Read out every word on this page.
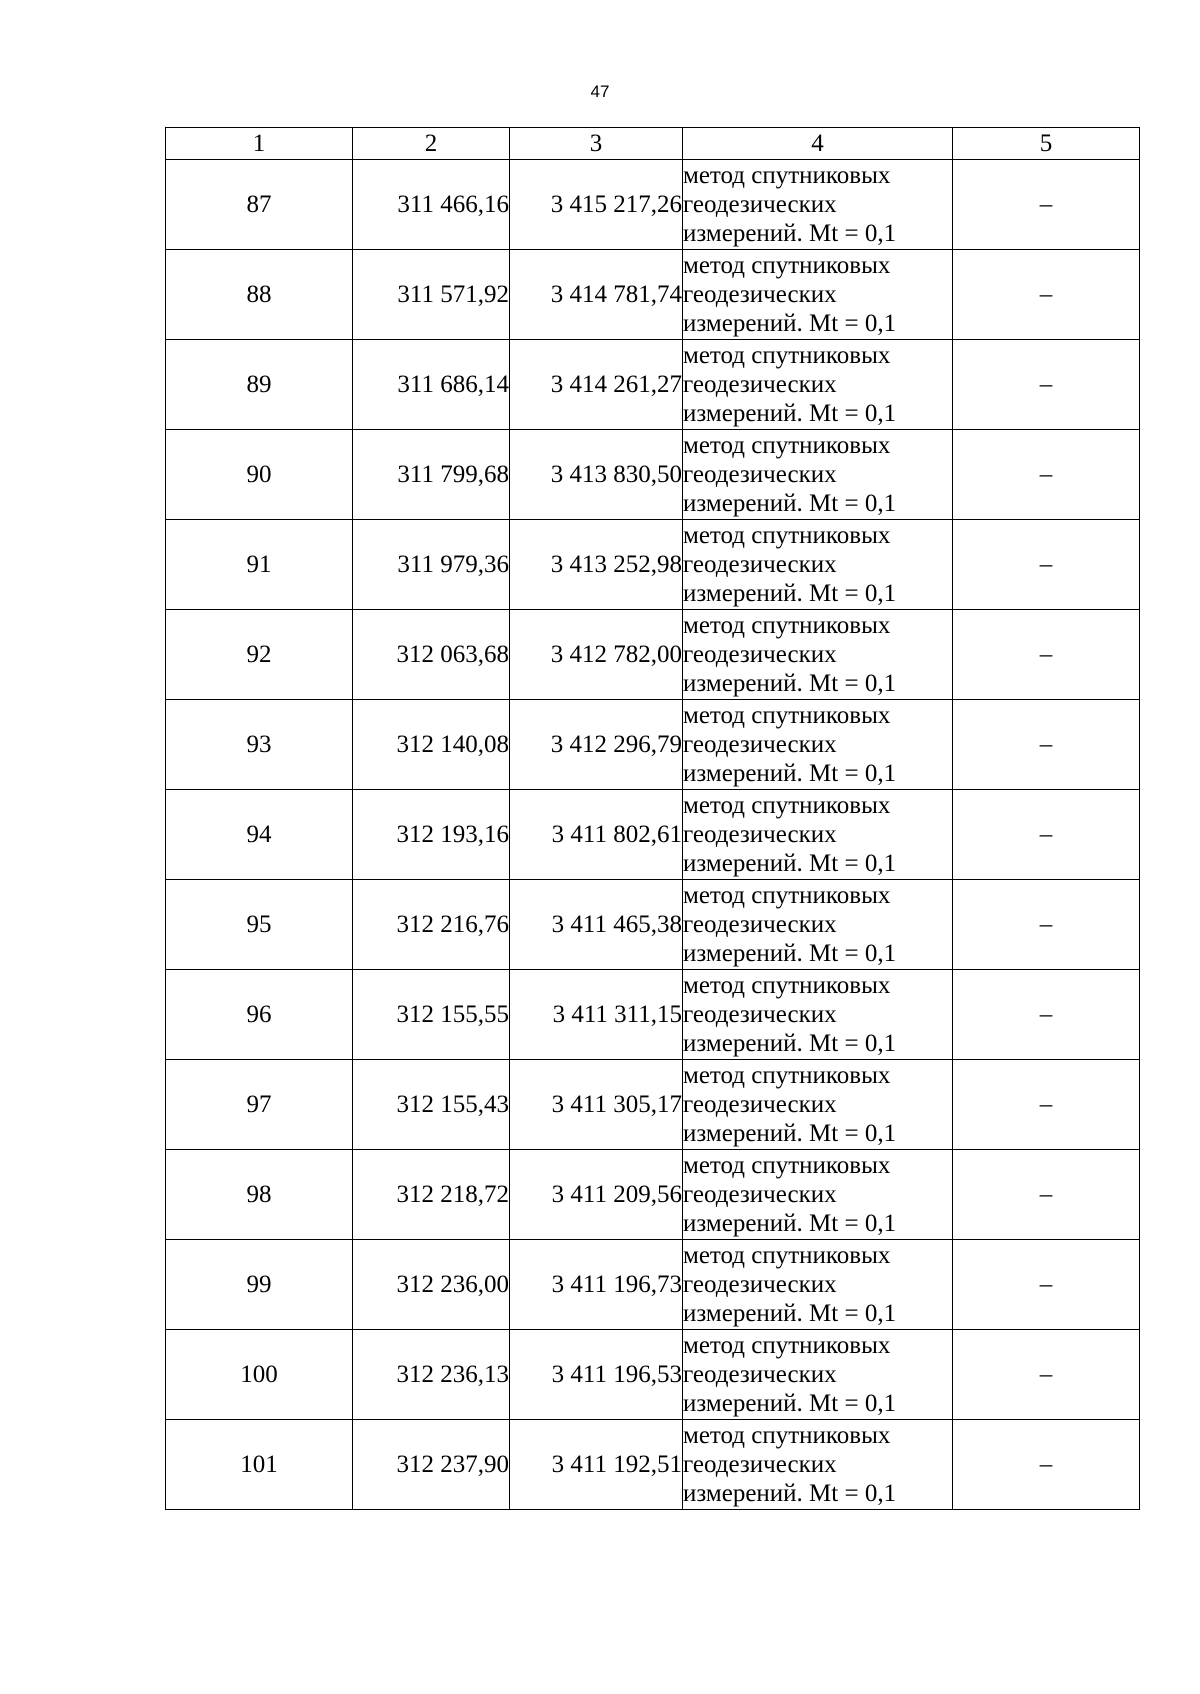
47
1	2	3	4	5
87	311 466,16	3 415 217,26	метод спутниковых
геодезических
измерений. Mt = 0,1	–
88	311 571,92	3 414 781,74	метод спутниковых
геодезических
измерений. Mt = 0,1	–
89	311 686,14	3 414 261,27	метод спутниковых
геодезических
измерений. Mt = 0,1	–
90	311 799,68	3 413 830,50	метод спутниковых
геодезических
измерений. Mt = 0,1	–
91	311 979,36	3 413 252,98	метод спутниковых
геодезических
измерений. Mt = 0,1	–
92	312 063,68	3 412 782,00	метод спутниковых
геодезических
измерений. Mt = 0,1	–
93	312 140,08	3 412 296,79	метод спутниковых
геодезических
измерений. Mt = 0,1	–
94	312 193,16	3 411 802,61	метод спутниковых
геодезических
измерений. Mt = 0,1	–
95	312 216,76	3 411 465,38	метод спутниковых
геодезических
измерений. Mt = 0,1	–
96	312 155,55	3 411 311,15	метод спутниковых
геодезических
измерений. Mt = 0,1	–
97	312 155,43	3 411 305,17	метод спутниковых
геодезических
измерений. Mt = 0,1	–
98	312 218,72	3 411 209,56	метод спутниковых
геодезических
измерений. Mt = 0,1	–
99	312 236,00	3 411 196,73	метод спутниковых
геодезических
измерений. Mt = 0,1	–
100	312 236,13	3 411 196,53	метод спутниковых
геодезических
измерений. Mt = 0,1	–
101	312 237,90	3 411 192,51	метод спутниковых
геодезических
измерений. Mt = 0,1	–
